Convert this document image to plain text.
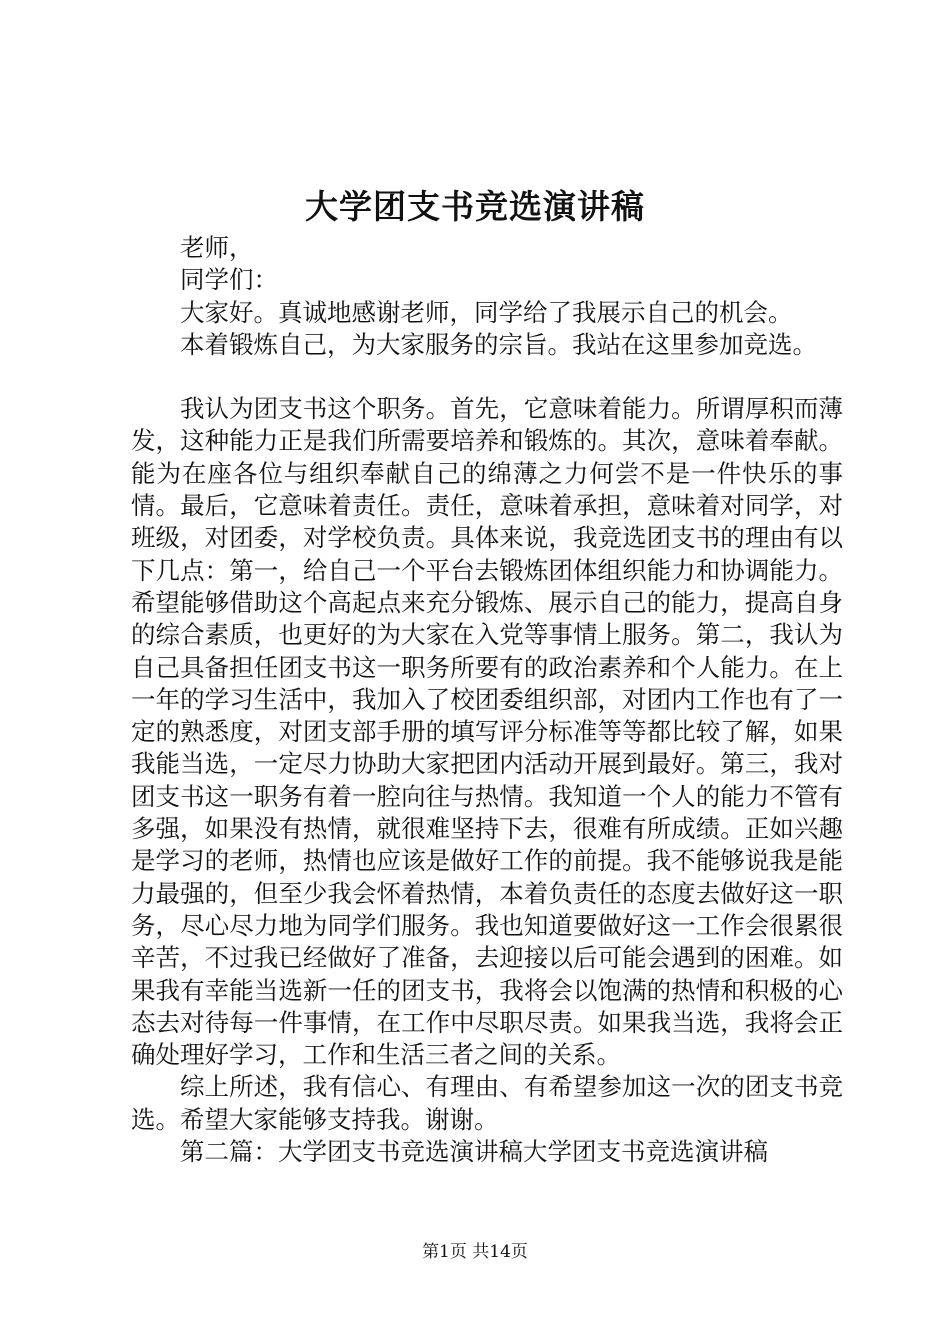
大学团支书竞选演讲稿

老师，

同学们：

大家好。真诚地感谢老师，同学给了我展示自己的机会。

本着锻炼自己，为大家服务的宗旨。我站在这里参加竞选。

我认为团支书这个职务。首先，它意味着能力。所谓厚积而薄发，这种能力正是我们所需要培养和锻炼的。其次，意味着奉献。能为在座各位与组织奉献自己的绵薄之力何尝不是一件快乐的事情。最后，它意味着责任。责任，意味着承担，意味着对同学，对班级，对团委，对学校负责。具体来说，我竞选团支书的理由有以下几点：第一，给自己一个平台去锻炼团体组织能力和协调能力。希望能够借助这个高起点来充分锻炼、展示自己的能力，提高自身的综合素质，也更好的为大家在入党等事情上服务。第二，我认为自己具备担任团支书这一职务所要有的政治素养和个人能力。在上一年的学习生活中，我加入了校团委组织部，对团内工作也有了一定的熟悉度，对团支部手册的填写评分标准等等都比较了解，如果我能当选，一定尽力协助大家把团内活动开展到最好。第三，我对团支书这一职务有着一腔向往与热情。我知道一个人的能力不管有多强，如果没有热情，就很难坚持下去，很难有所成绩。正如兴趣是学习的老师，热情也应该是做好工作的前提。我不能够说我是能力最强的，但至少我会怀着热情，本着负责任的态度去做好这一职务，尽心尽力地为同学们服务。我也知道要做好这一工作会很累很辛苦，不过我已经做好了准备，去迎接以后可能会遇到的困难。如果我有幸能当选新一任的团支书，我将会以饱满的热情和积极的心态去对待每一件事情，在工作中尽职尽责。如果我当选，我将会正确处理好学习，工作和生活三者之间的关系。

综上所述，我有信心、有理由、有希望参加这一次的团支书竞选。希望大家能够支持我。谢谢。

第二篇：大学团支书竞选演讲稿大学团支书竞选演讲稿

第1页 共14页
